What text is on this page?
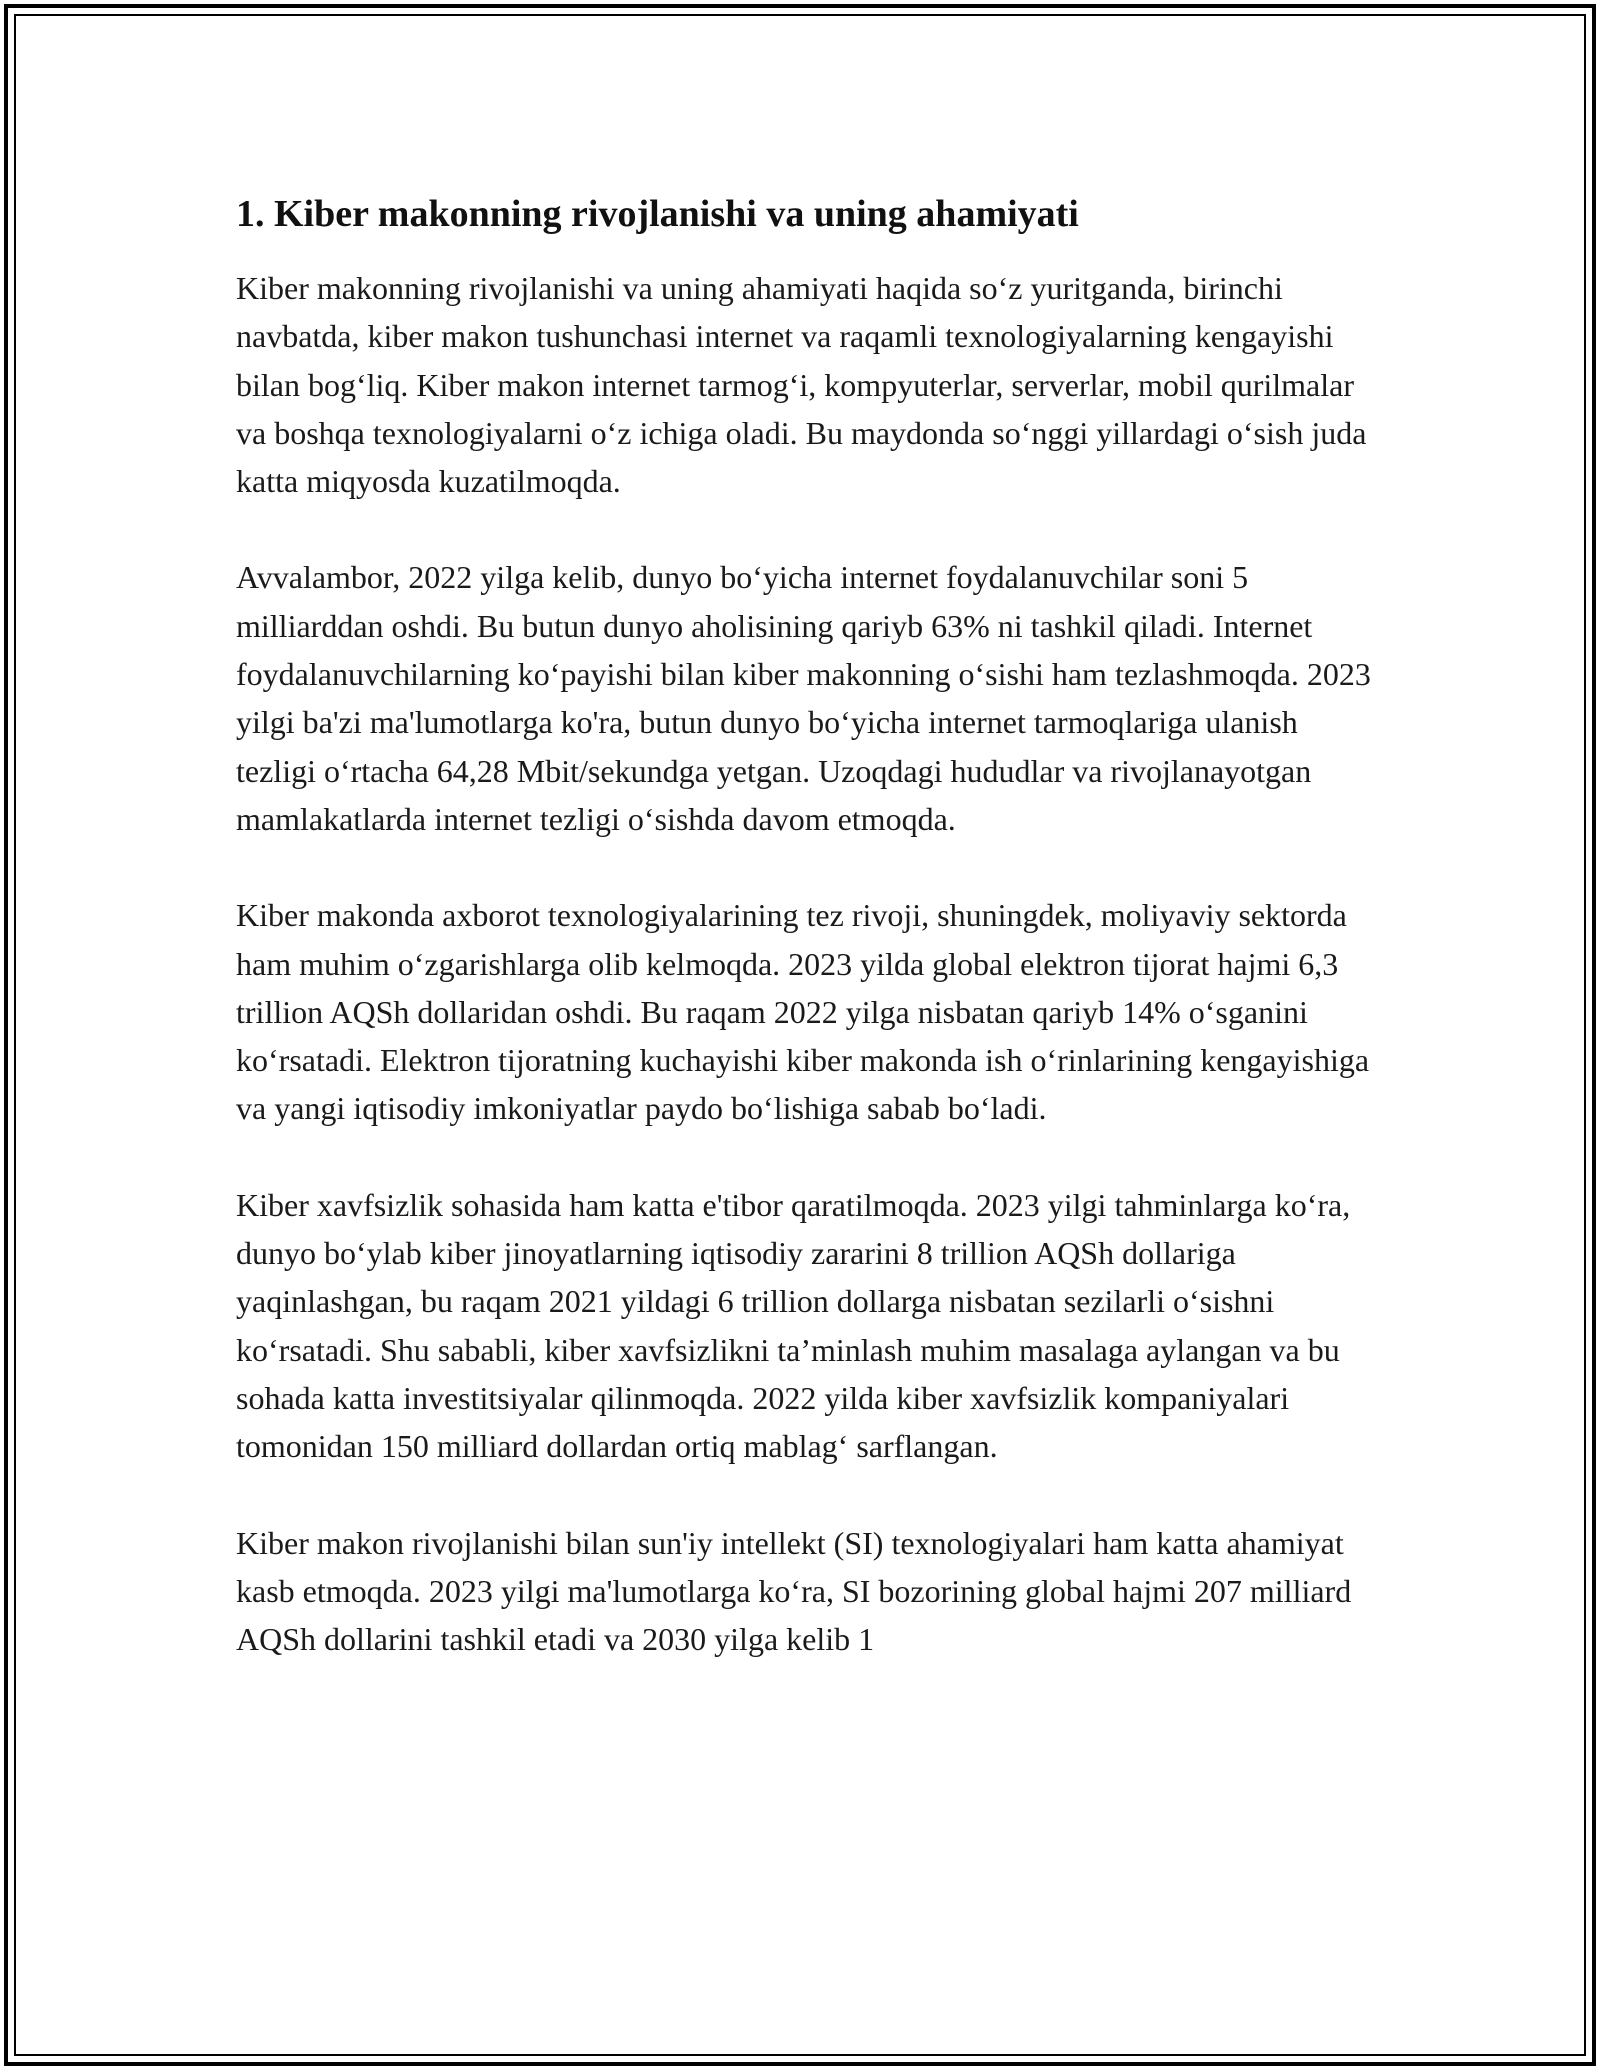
1. Kiber makonning rivojlanishi va uning ahamiyati

Kiber makonning rivojlanishi va uning ahamiyati haqida so‘z yuritganda, birinchi navbatda, kiber makon tushunchasi internet va raqamli texnologiyalarning kengayishi bilan bog‘liq. Kiber makon internet tarmog‘i, kompyuterlar, serverlar, mobil qurilmalar va boshqa texnologiyalarni o‘z ichiga oladi. Bu maydonda so‘nggi yillardagi o‘sish juda katta miqyosda kuzatilmoqda.

Avvalambor, 2022 yilga kelib, dunyo bo‘yicha internet foydalanuvchilar soni 5 milliarddan oshdi. Bu butun dunyo aholisining qariyb 63% ni tashkil qiladi. Internet foydalanuvchilarning ko‘payishi bilan kiber makonning o‘sishi ham tezlashmoqda. 2023 yilgi ba'zi ma'lumotlarga ko'ra, butun dunyo bo‘yicha internet tarmoqlariga ulanish tezligi o‘rtacha 64,28 Mbit/sekundga yetgan. Uzoqdagi hududlar va rivojlanayotgan mamlakatlarda internet tezligi o‘sishda davom etmoqda.

Kiber makonda axborot texnologiyalarining tez rivoji, shuningdek, moliyaviy sektorda ham muhim o‘zgarishlarga olib kelmoqda. 2023 yilda global elektron tijorat hajmi 6,3 trillion AQSh dollaridan oshdi. Bu raqam 2022 yilga nisbatan qariyb 14% o‘sganini ko‘rsatadi. Elektron tijoratning kuchayishi kiber makonda ish o‘rinlarining kengayishiga va yangi iqtisodiy imkoniyatlar paydo bo‘lishiga sabab bo‘ladi.

Kiber xavfsizlik sohasida ham katta e'tibor qaratilmoqda. 2023 yilgi tahminlarga ko‘ra, dunyo bo‘ylab kiber jinoyatlarning iqtisodiy zararini 8 trillion AQSh dollariga yaqinlashgan, bu raqam 2021 yildagi 6 trillion dollarga nisbatan sezilarli o‘sishni ko‘rsatadi. Shu sababli, kiber xavfsizlikni ta’minlash muhim masalaga aylangan va bu sohada katta investitsiyalar qilinmoqda. 2022 yilda kiber xavfsizlik kompaniyalari tomonidan 150 milliard dollardan ortiq mablag‘ sarflangan.

Kiber makon rivojlanishi bilan sun'iy intellekt (SI) texnologiyalari ham katta ahamiyat kasb etmoqda. 2023 yilgi ma'lumotlarga ko‘ra, SI bozorining global hajmi 207 milliard AQSh dollarini tashkil etadi va 2030 yilga kelib 1
